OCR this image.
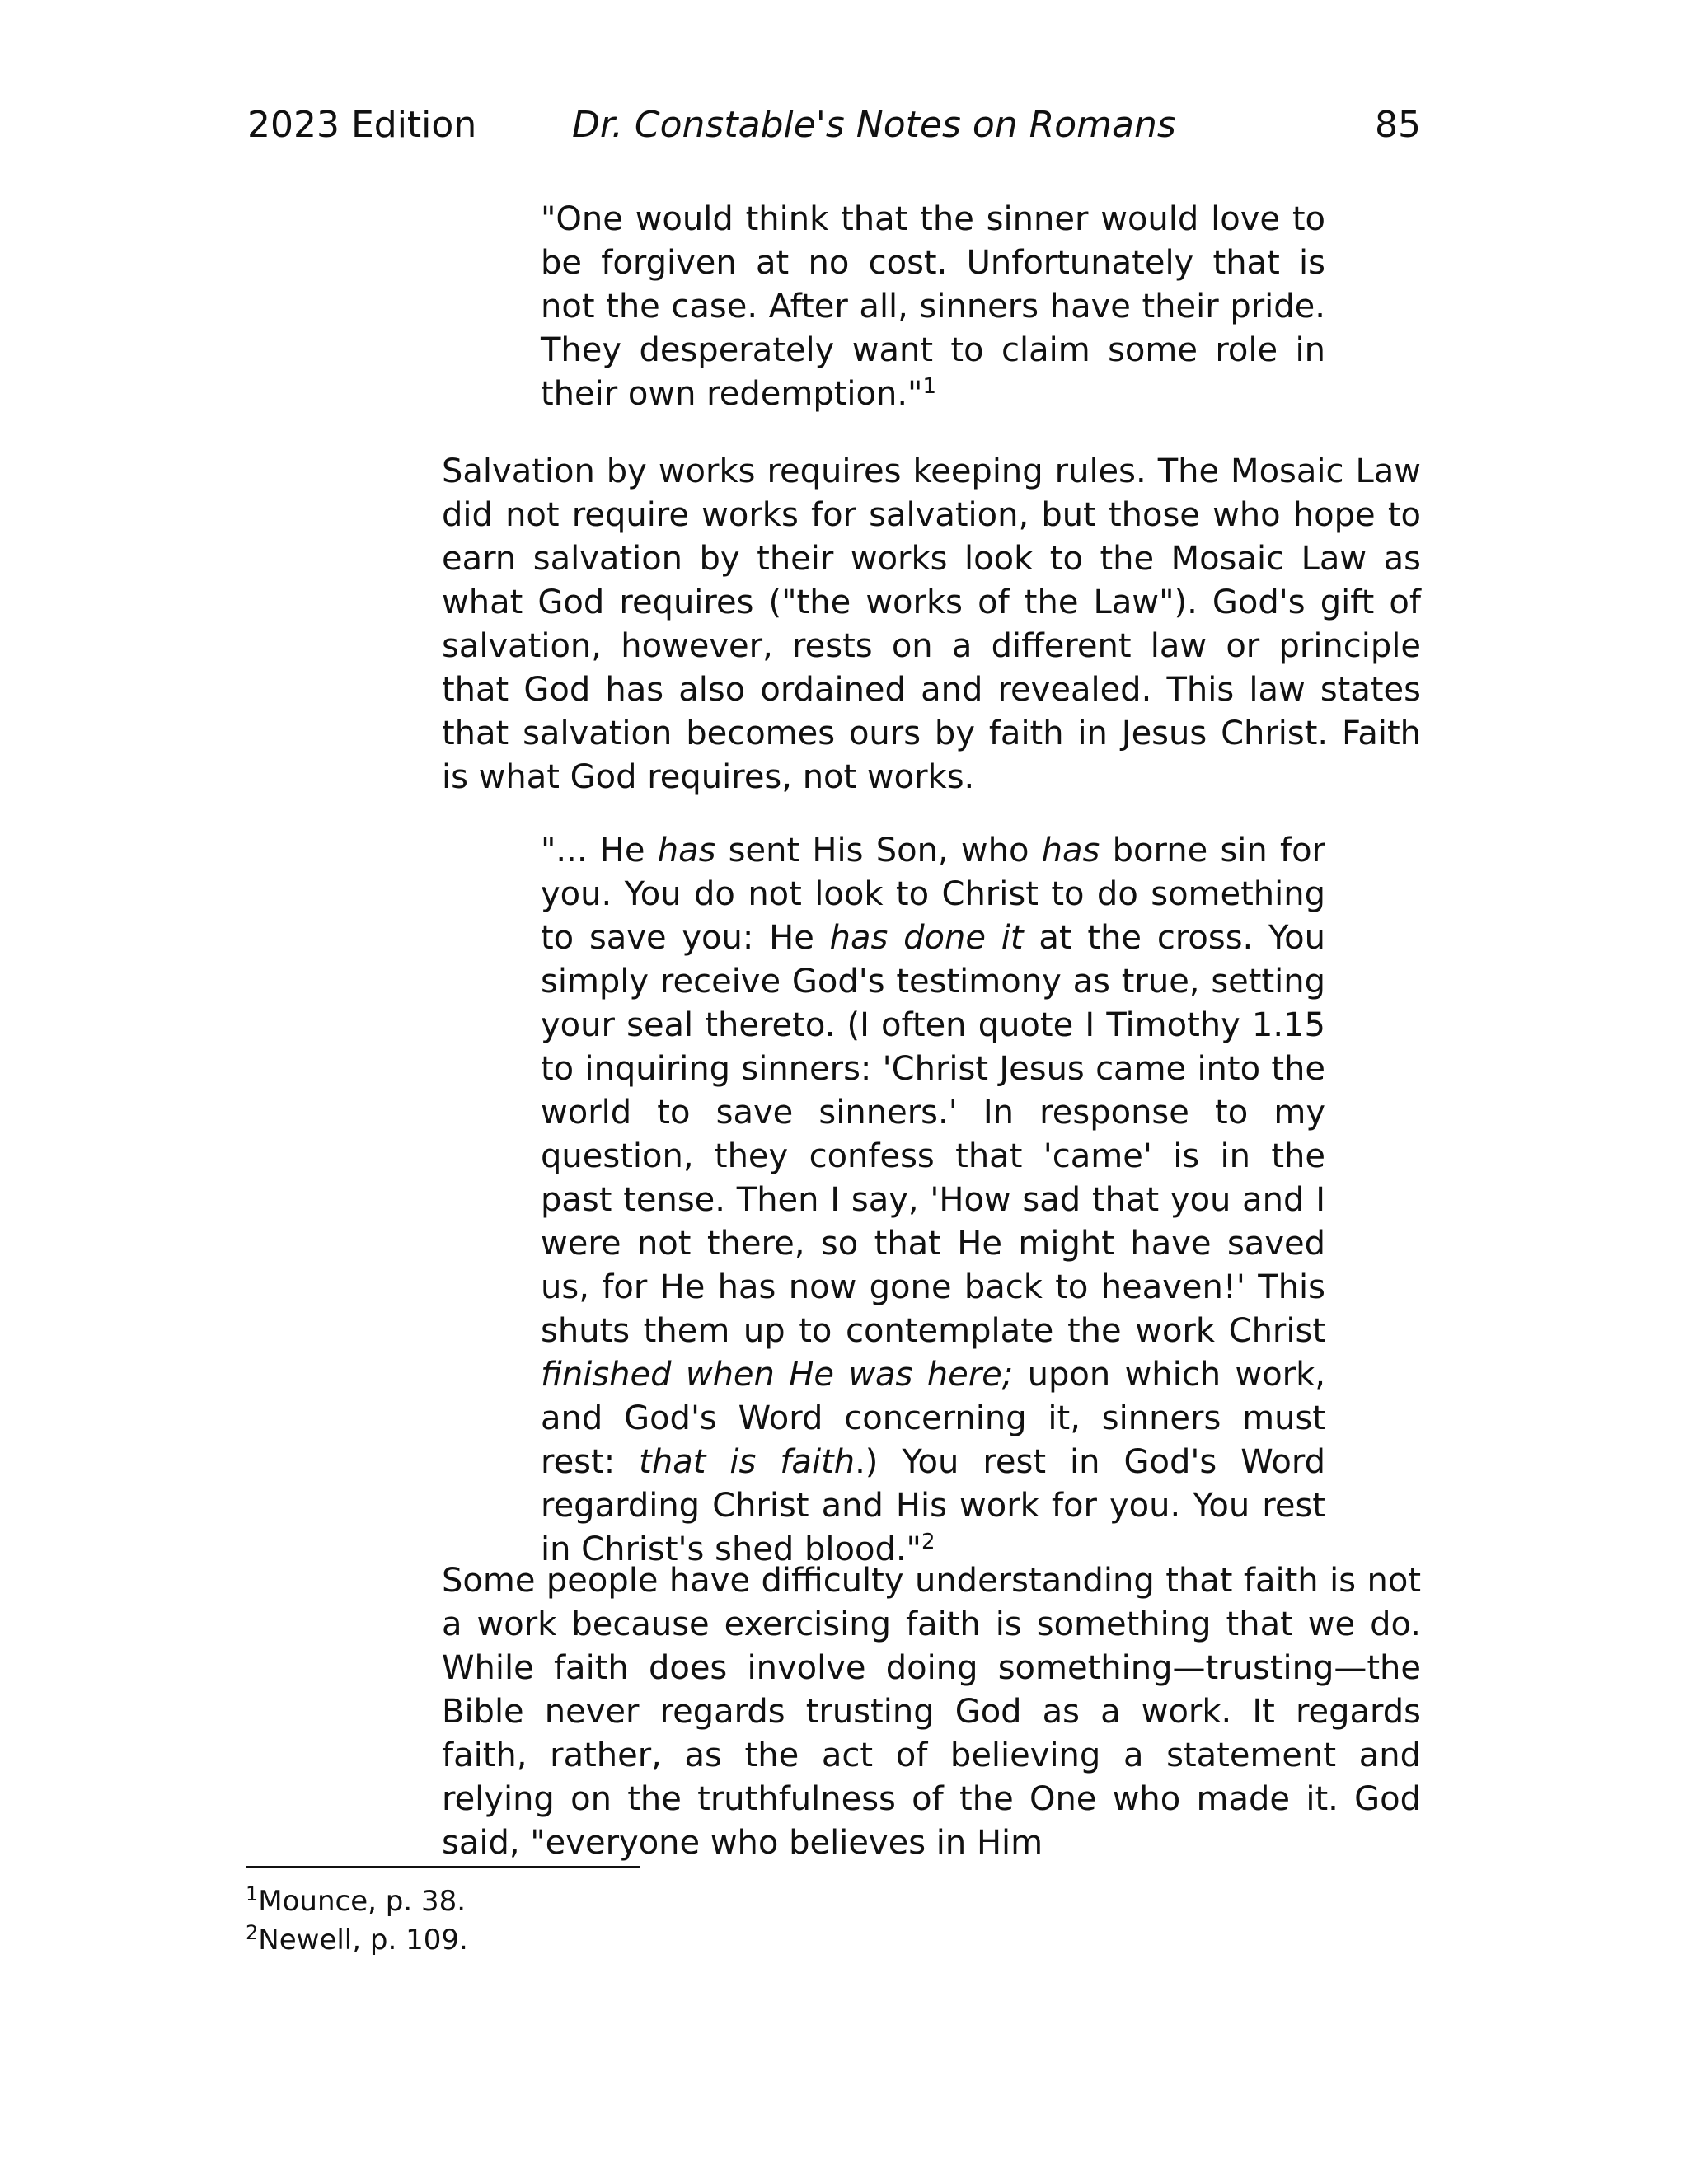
2023 Edition	Dr. Constable's Notes on Romans	85
"One would think that the sinner would love to be forgiven at no cost. Unfortunately that is not the case. After all, sinners have their pride. They desperately want to claim some role in their own redemption."$^1$
Salvation by works requires keeping rules. The Mosaic Law did not require works for salvation, but those who hope to earn salvation by their works look to the Mosaic Law as what God requires ("the works of the Law"). God's gift of salvation, however, rests on a different law or principle that God has also ordained and revealed. This law states that salvation becomes ours by faith in Jesus Christ. Faith is what God requires, not works.
"... He has sent His Son, who has borne sin for you. You do not look to Christ to do something to save you: He has done it at the cross. You simply receive God's testimony as true, setting your seal thereto. (I often quote I Timothy 1.15 to inquiring sinners: 'Christ Jesus came into the world to save sinners.' In response to my question, they confess that 'came' is in the past tense. Then I say, 'How sad that you and I were not there, so that He might have saved us, for He has now gone back to heaven!' This shuts them up to contemplate the work Christ finished when He was here; upon which work, and God's Word concerning it, sinners must rest: that is faith.) You rest in God's Word regarding Christ and His work for you. You rest in Christ's shed blood."$^2$
Some people have difficulty understanding that faith is not a work because exercising faith is something that we do. While faith does involve doing something—trusting—the Bible never regards trusting God as a work. It regards faith, rather, as the act of believing a statement and relying on the truthfulness of the One who made it. God said, "everyone who believes in Him
$^1$Mounce, p. 38.
$^2$Newell, p. 109.
